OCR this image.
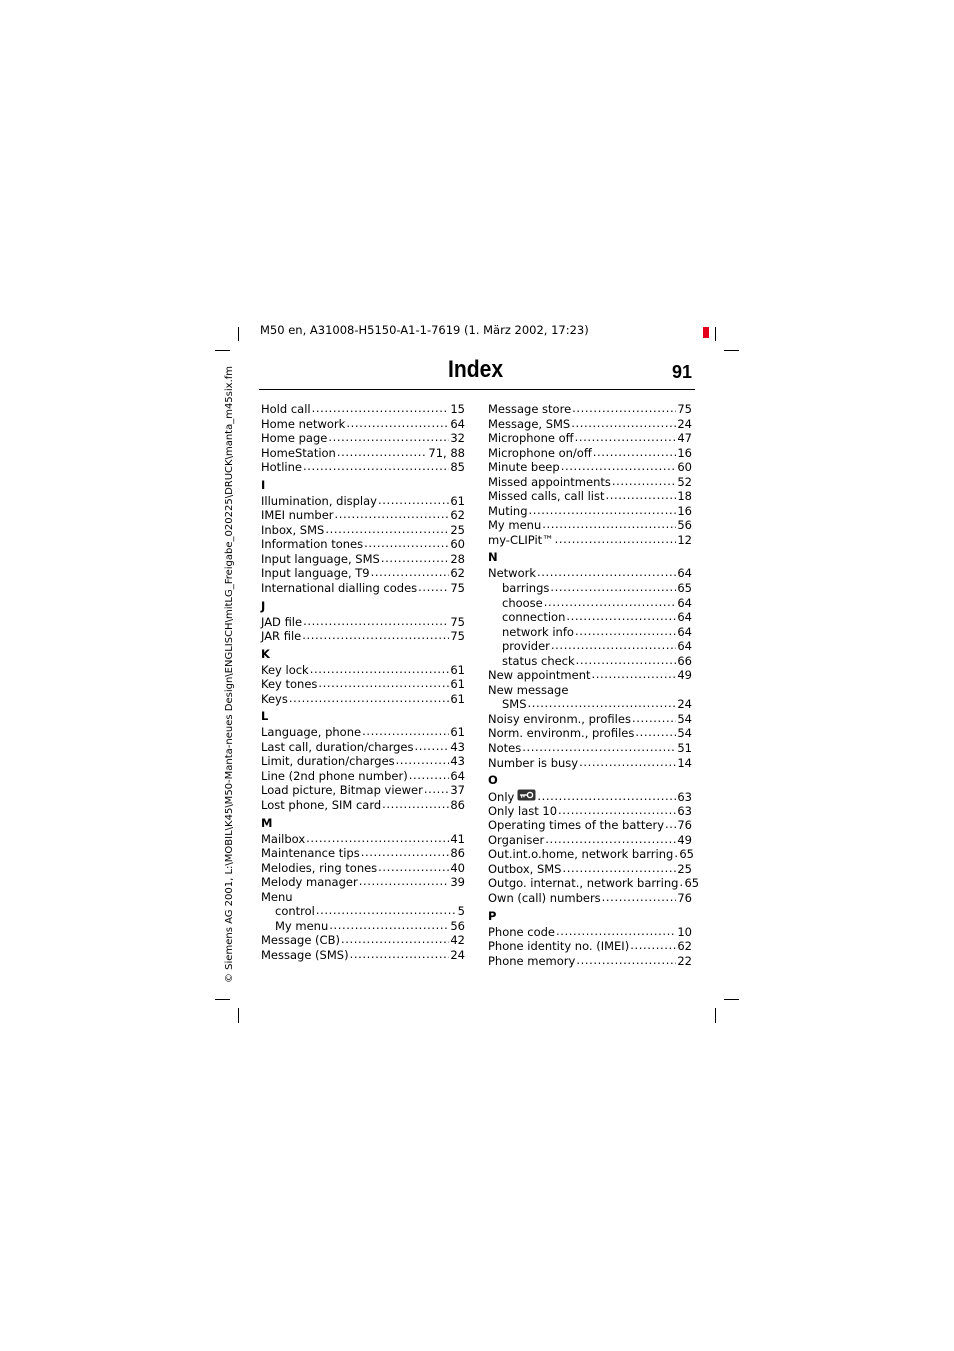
M50 en, A31008-H5150-A1-1-7619 (1. März 2002, 17:23)
© Siemens AG 2001, L:\MOBIL\K45\M50-Manta-neues Design\ENGLISCH\mitLG_Freigabe_020225\DRUCK\manta_m45six.fm	Index	91
Hold call .....	15
Home network .....	64
Home page .....	32
HomeStation .....	71, 88
Hotline .....	85
I
Illumination, display .....	61
IMEI number .....	62
Inbox, SMS .....	25
Information tones .....	60
Input language, SMS .....	28
Input language, T9 .....	62
International dialling codes .....	75
J
JAD file .....	75
JAR file .....	75
K
Key lock .....	61
Key tones .....	61
Keys .....	61
L
Language, phone .....	61
Last call, duration/charges .....	43
Limit, duration/charges .....	43
Line (2nd phone number) .....	64
Load picture, Bitmap viewer ..... 37
Lost phone, SIM card .....	86
M
Mailbox .....	41
Maintenance tips .....	86
Melodies, ring tones .....	40
Melody manager .....	39
Menu
control .....	5
My menu .....	56
Message (CB) .....	42
Message (SMS) .....	24
Message store .....	75
Message, SMS .....	24
Microphone off .....	47
Microphone on/off .....	16
Minute beep .....	60
Missed appointments .....	52
Missed calls, call list .....	18
Muting .....	16
My menu .....	56
my-CLIPit™ .....	12
N
Network .....	64
barrings .....	65
choose .....	64
connection .....	64
network info .....	64
provider .....	64
status check .....	66
New appointment .....	49
New message
SMS .....	24
Noisy environm., profiles .....	54
Norm. environm., profiles .....	54
Notes .....	51
Number is busy .....	14
O
Only .....	63
Only last 10 .....	63
Operating times of the battery ..... 76
Organiser .....	49
Out.int.o.home, network barring ..... 65
Outbox, SMS .....	25
Outgo. internat., network barring ..... 65
Own (call) numbers .....	76
P
Phone code .....	10
Phone identity no. (IMEI) .....	62
Phone memory .....	22
